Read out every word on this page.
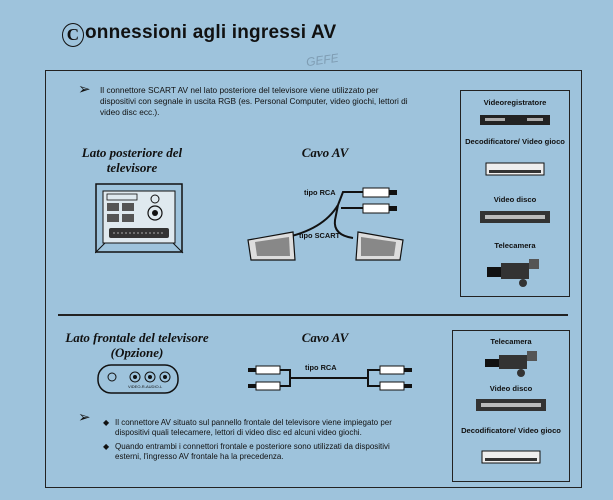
C onnessioni agli ingressi AV
GEFE
➢ Il connettore SCART AV nel lato posteriore del televisore viene utilizzato per dispositivi con segnale in uscita RGB (es. Personal Computer, video giochi, lettori di video disc ecc.).
Lato posteriore del televisore
Cavo AV
tipo RCA
tipo SCART
Videoregistratore
Decodificatore/ Video gioco
Video disco
Telecamera
Lato frontale del televisore (Opzione)
Cavo AV
VIDEO-R-AUDIO-L
tipo RCA
➢ ◆ Il connettore AV situato sul pannello frontale del televisore viene impiegato per dispositivi quali telecamere, lettori di video disc ed alcuni video giochi.
◆ Quando entrambi i connettori frontale e posteriore sono utilizzati da dispositivi esterni, l'ingresso AV frontale ha la precedenza.
Telecamera
Video disco
Decodificatore/ Video gioco
